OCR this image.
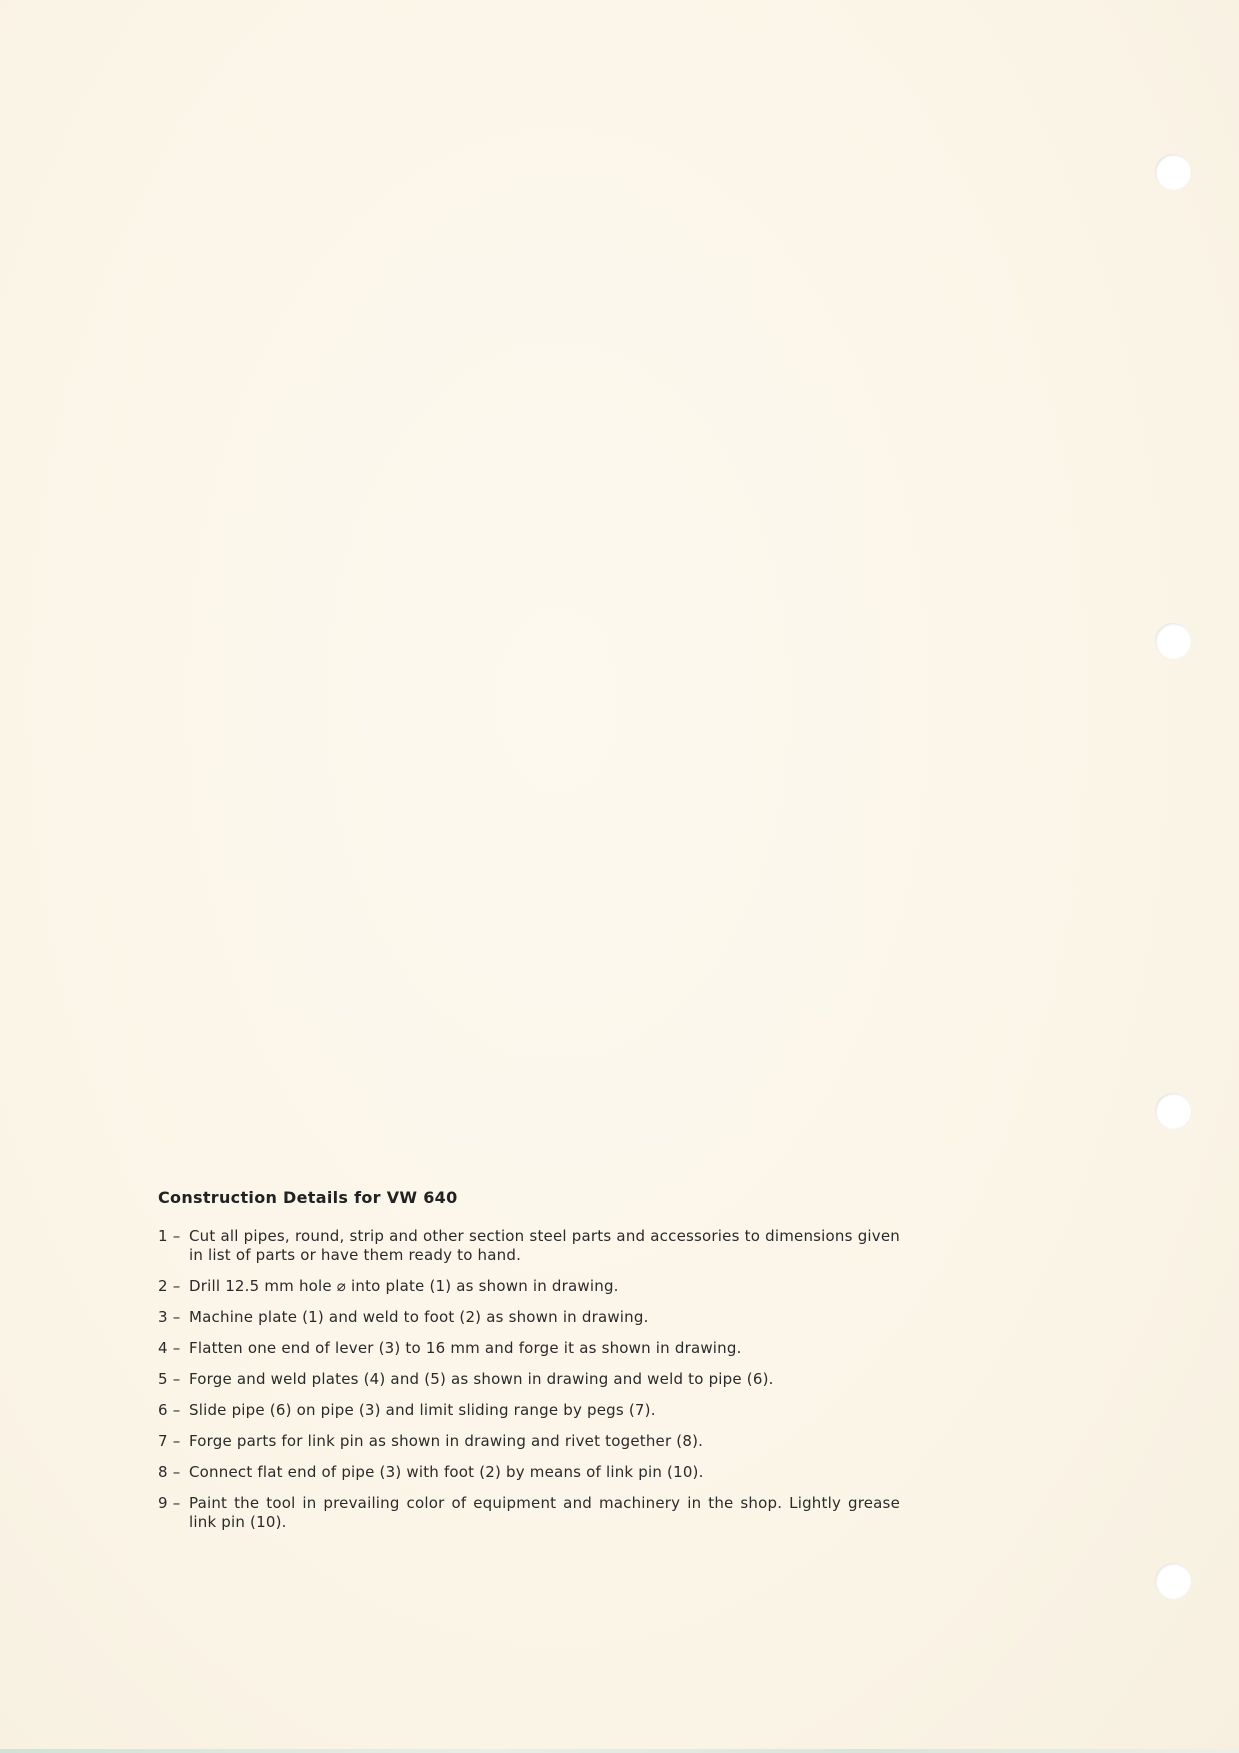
Construction Details for VW 640
1 – Cut all pipes, round, strip and other section steel parts and accessories to dimensions given in list of parts or have them ready to hand.
2 – Drill 12.5 mm hole ⌀ into plate (1) as shown in drawing.
3 – Machine plate (1) and weld to foot (2) as shown in drawing.
4 – Flatten one end of lever (3) to 16 mm and forge it as shown in drawing.
5 – Forge and weld plates (4) and (5) as shown in drawing and weld to pipe (6).
6 – Slide pipe (6) on pipe (3) and limit sliding range by pegs (7).
7 – Forge parts for link pin as shown in drawing and rivet together (8).
8 – Connect flat end of pipe (3) with foot (2) by means of link pin (10).
9 – Paint the tool in prevailing color of equipment and machinery in the shop. Lightly grease link pin (10).
